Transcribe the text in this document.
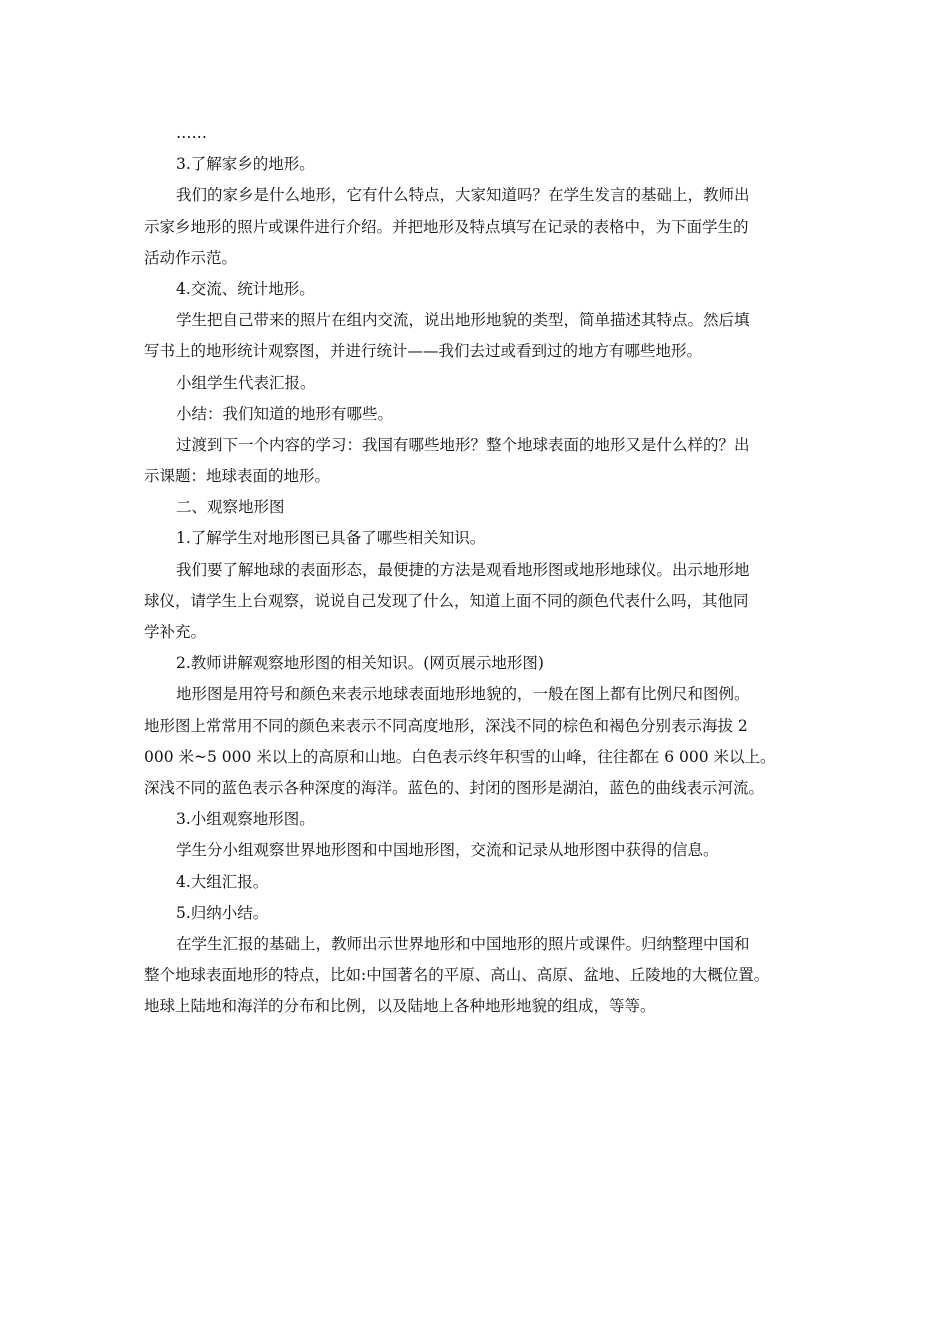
……
3.了解家乡的地形。
我们的家乡是什么地形，它有什么特点，大家知道吗？在学生发言的基础上，教师出
示家乡地形的照片或课件进行介绍。并把地形及特点填写在记录的表格中，为下面学生的
活动作示范。
4.交流、统计地形。
学生把自己带来的照片在组内交流，说出地形地貌的类型，简单描述其特点。然后填
写书上的地形统计观察图，并进行统计——我们去过或看到过的地方有哪些地形。
小组学生代表汇报。
小结：我们知道的地形有哪些。
过渡到下一个内容的学习：我国有哪些地形？整个地球表面的地形又是什么样的？出
示课题：地球表面的地形。
二、观察地形图
1.了解学生对地形图已具备了哪些相关知识。
我们要了解地球的表面形态，最便捷的方法是观看地形图或地形地球仪。出示地形地
球仪，请学生上台观察，说说自己发现了什么，知道上面不同的颜色代表什么吗，其他同
学补充。
2.教师讲解观察地形图的相关知识。(网页展示地形图)
地形图是用符号和颜色来表示地球表面地形地貌的，一般在图上都有比例尺和图例。
地形图上常常用不同的颜色来表示不同高度地形，深浅不同的棕色和褐色分别表示海拔 2
000 米~5 000 米以上的高原和山地。白色表示终年积雪的山峰，往往都在 6 000 米以上。
深浅不同的蓝色表示各种深度的海洋。蓝色的、封闭的图形是湖泊，蓝色的曲线表示河流。
3.小组观察地形图。
学生分小组观察世界地形图和中国地形图，交流和记录从地形图中获得的信息。
4.大组汇报。
5.归纳小结。
在学生汇报的基础上，教师出示世界地形和中国地形的照片或课件。归纳整理中国和
整个地球表面地形的特点，比如:中国著名的平原、高山、高原、盆地、丘陵地的大概位置。
地球上陆地和海洋的分布和比例，以及陆地上各种地形地貌的组成，等等。
